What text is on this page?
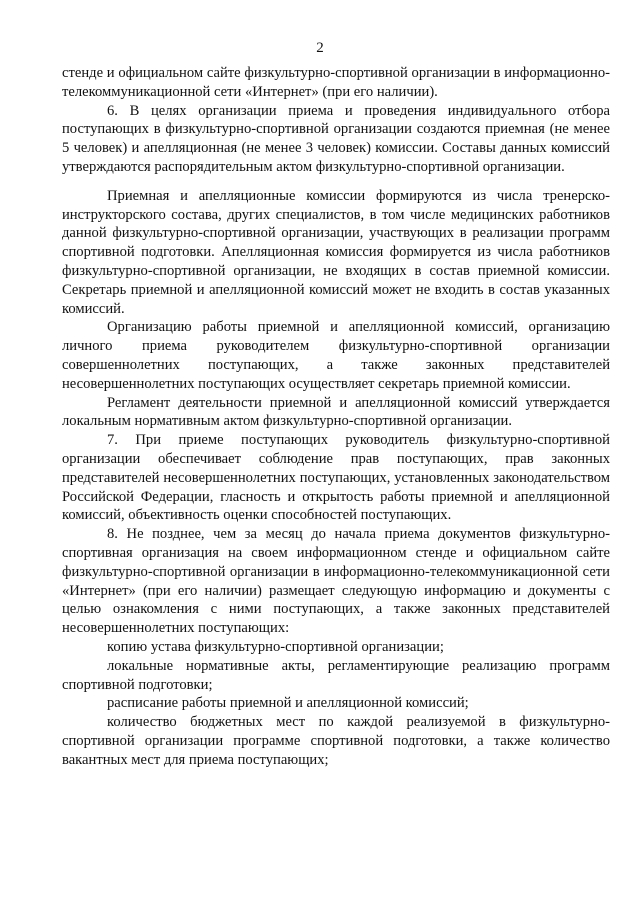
2

стенде и официальном сайте физкультурно-спортивной организации в информационно-телекоммуникационной сети «Интернет» (при его наличии).

6. В целях организации приема и проведения индивидуального отбора поступающих в физкультурно-спортивной организации создаются приемная (не менее 5 человек) и апелляционная (не менее 3 человек) комиссии. Составы данных комиссий утверждаются распорядительным актом физкультурно-спортивной организации.

Приемная и апелляционные комиссии формируются из числа тренерско-инструкторского состава, других специалистов, в том числе медицинских работников данной физкультурно-спортивной организации, участвующих в реализации программ спортивной подготовки. Апелляционная комиссия формируется из числа работников физкультурно-спортивной организации, не входящих в состав приемной комиссии. Секретарь приемной и апелляционной комиссий может не входить в состав указанных комиссий.

Организацию работы приемной и апелляционной комиссий, организацию личного приема руководителем физкультурно-спортивной организации совершеннолетних поступающих, а также законных представителей несовершеннолетних поступающих осуществляет секретарь приемной комиссии.

Регламент деятельности приемной и апелляционной комиссий утверждается локальным нормативным актом физкультурно-спортивной организации.

7. При приеме поступающих руководитель физкультурно-спортивной организации обеспечивает соблюдение прав поступающих, прав законных представителей несовершеннолетних поступающих, установленных законодательством Российской Федерации, гласность и открытость работы приемной и апелляционной комиссий, объективность оценки способностей поступающих.

8. Не позднее, чем за месяц до начала приема документов физкультурно-спортивная организация на своем информационном стенде и официальном сайте физкультурно-спортивной организации в информационно-телекоммуникационной сети «Интернет» (при его наличии) размещает следующую информацию и документы с целью ознакомления с ними поступающих, а также законных представителей несовершеннолетних поступающих:

копию устава физкультурно-спортивной организации;

локальные нормативные акты, регламентирующие реализацию программ спортивной подготовки;

расписание работы приемной и апелляционной комиссий;

количество бюджетных мест по каждой реализуемой в физкультурно-спортивной организации программе спортивной подготовки, а также количество вакантных мест для приема поступающих;
